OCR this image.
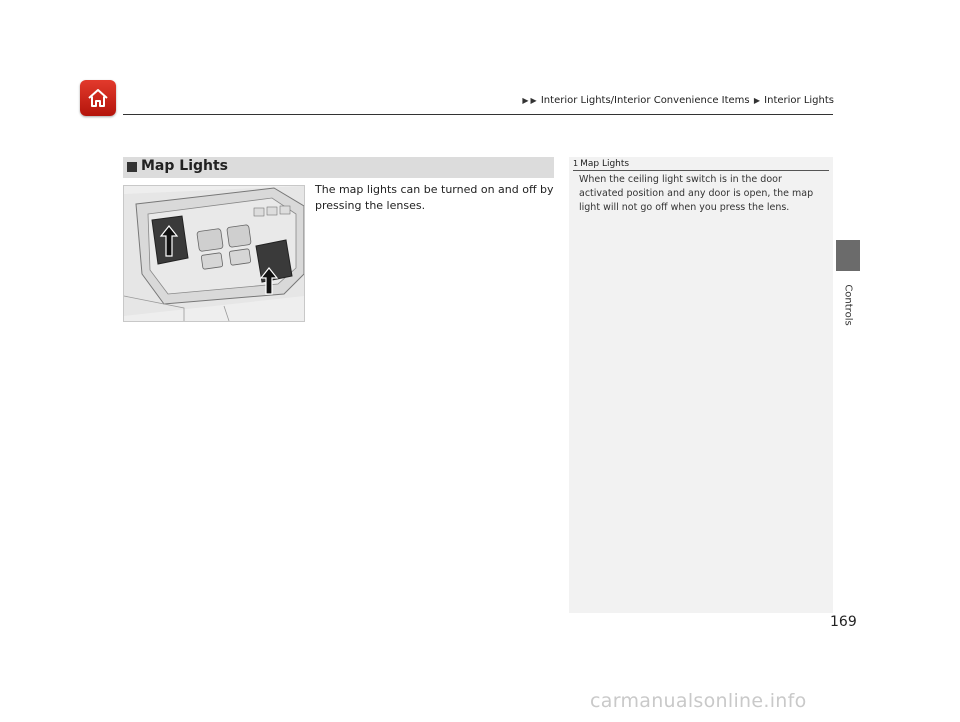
▶ ▶ Interior Lights/Interior Convenience Items ▶ Interior Lights
Controls
Map Lights
The map lights can be turned on and off by pressing the lenses.
1 Map Lights
When the ceiling light switch is in the door activated position and any door is open, the map light will not go off when you press the lens.
169
carmanualsonline.info
